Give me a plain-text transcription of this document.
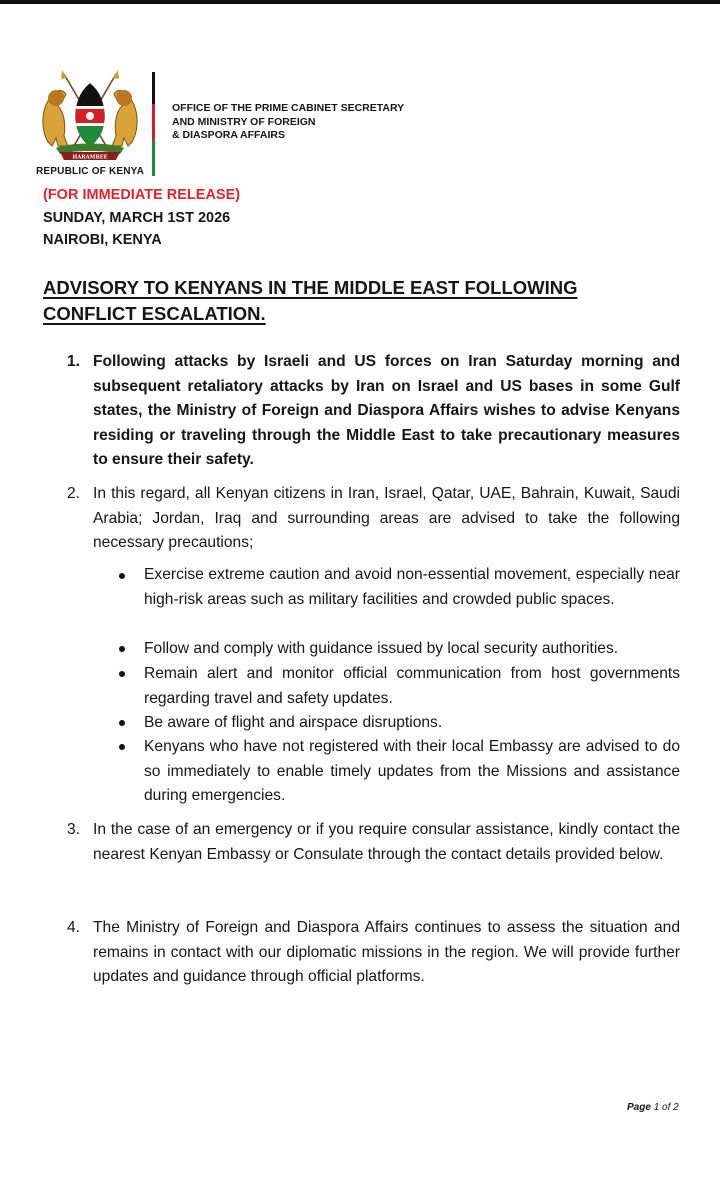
HARAMBEE
REPUBLIC OF KENYA
OFFICE OF THE PRIME CABINET SECRETARY
AND MINISTRY OF FOREIGN
& DIASPORA AFFAIRS
(FOR IMMEDIATE RELEASE)
SUNDAY, MARCH 1ST 2026
NAIROBI, KENYA
ADVISORY TO KENYANS IN THE MIDDLE EAST FOLLOWING CONFLICT ESCALATION.
1. Following attacks by Israeli and US forces on Iran Saturday morning and subsequent retaliatory attacks by Iran on Israel and US bases in some Gulf states, the Ministry of Foreign and Diaspora Affairs wishes to advise Kenyans residing or traveling through the Middle East to take precautionary measures to ensure their safety.
2. In this regard, all Kenyan citizens in Iran, Israel, Qatar, UAE, Bahrain, Kuwait, Saudi Arabia; Jordan, Iraq and surrounding areas are advised to take the following necessary precautions;
Exercise extreme caution and avoid non-essential movement, especially near high-risk areas such as military facilities and crowded public spaces.
Follow and comply with guidance issued by local security authorities.
Remain alert and monitor official communication from host governments regarding travel and safety updates.
Be aware of flight and airspace disruptions.
Kenyans who have not registered with their local Embassy are advised to do so immediately to enable timely updates from the Missions and assistance during emergencies.
3. In the case of an emergency or if you require consular assistance, kindly contact the nearest Kenyan Embassy or Consulate through the contact details provided below.
4. The Ministry of Foreign and Diaspora Affairs continues to assess the situation and remains in contact with our diplomatic missions in the region. We will provide further updates and guidance through official platforms.
Page 1 of 2
